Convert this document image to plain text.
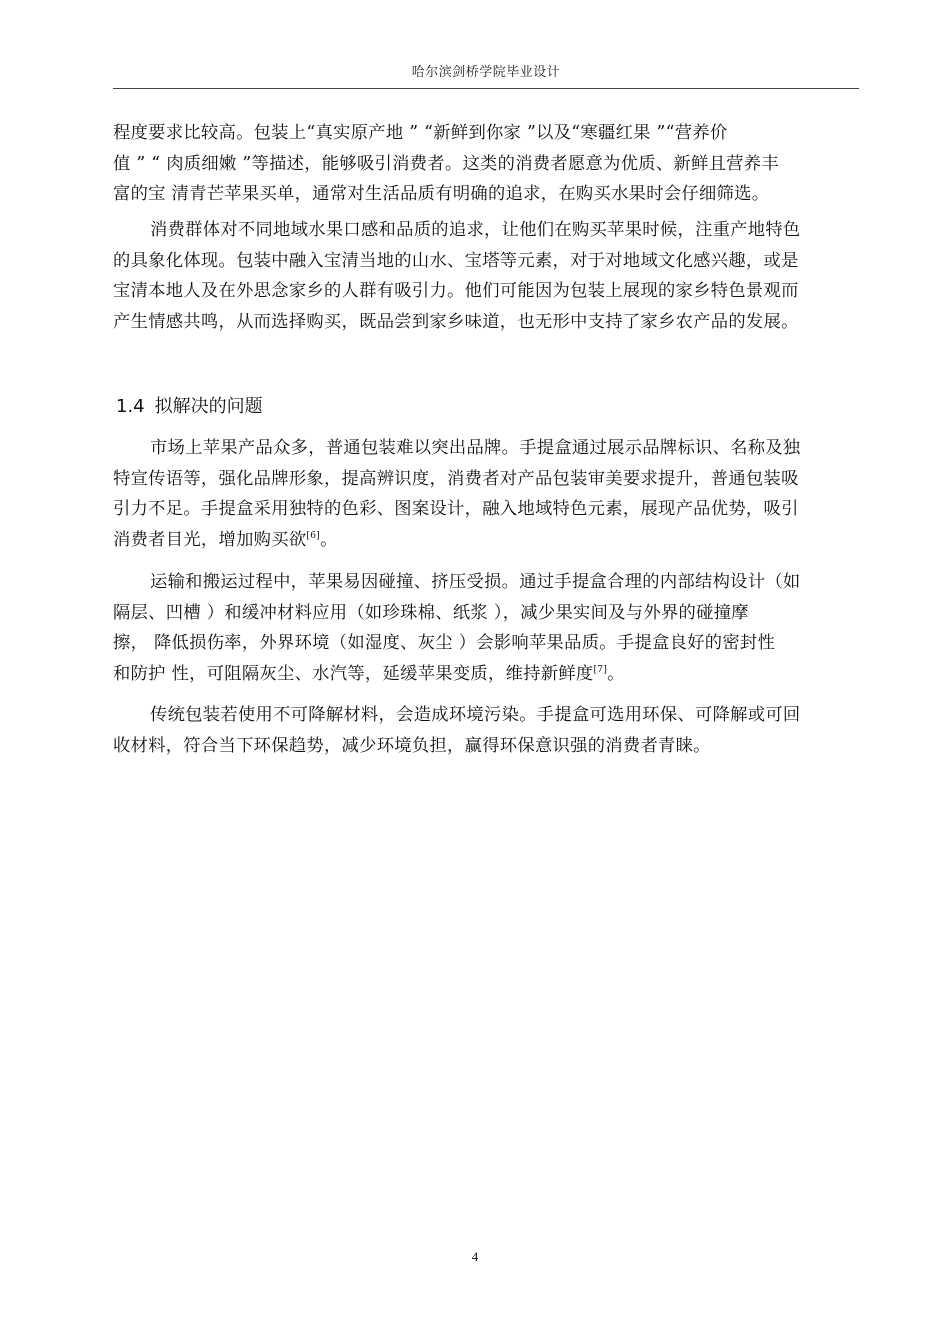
哈尔滨剑桥学院毕业设计
程度要求比较高。包装上“真实原产地 ” “新鲜到你家 ”以及“寒疆红果 ”“营养价
值 ” “ 肉质细嫩 ”等描述，能够吸引消费者。这类的消费者愿意为优质、新鲜且营养丰
富的宝 清青芒苹果买单，通常对生活品质有明确的追求，在购买水果时会仔细筛选。
消费群体对不同地域水果口感和品质的追求，让他们在购买苹果时候，注重产地特色
的具象化体现。包装中融入宝清当地的山水、宝塔等元素，对于对地域文化感兴趣，或是
宝清本地人及在外思念家乡的人群有吸引力。他们可能因为包装上展现的家乡特色景观而
产生情感共鸣，从而选择购买，既品尝到家乡味道，也无形中支持了家乡农产品的发展。
1.4 拟解决的问题
市场上苹果产品众多，普通包装难以突出品牌。手提盒通过展示品牌标识、名称及独
特宣传语等，强化品牌形象，提高辨识度，消费者对产品包装审美要求提升，普通包装吸
引力不足。手提盒采用独特的色彩、图案设计，融入地域特色元素，展现产品优势，吸引
消费者目光，增加购买欲[6]。
运输和搬运过程中，苹果易因碰撞、挤压受损。通过手提盒合理的内部结构设计（如
隔层、凹槽 ）和缓冲材料应用（如珍珠棉、纸浆 ），减少果实间及与外界的碰撞摩
擦， 降低损伤率，外界环境（如湿度、灰尘 ）会影响苹果品质。手提盒良好的密封性
和防护 性，可阻隔灰尘、水汽等，延缓苹果变质，维持新鲜度[7]。
传统包装若使用不可降解材料，会造成环境污染。手提盒可选用环保、可降解或可回
收材料，符合当下环保趋势，减少环境负担，赢得环保意识强的消费者青睐。
4
